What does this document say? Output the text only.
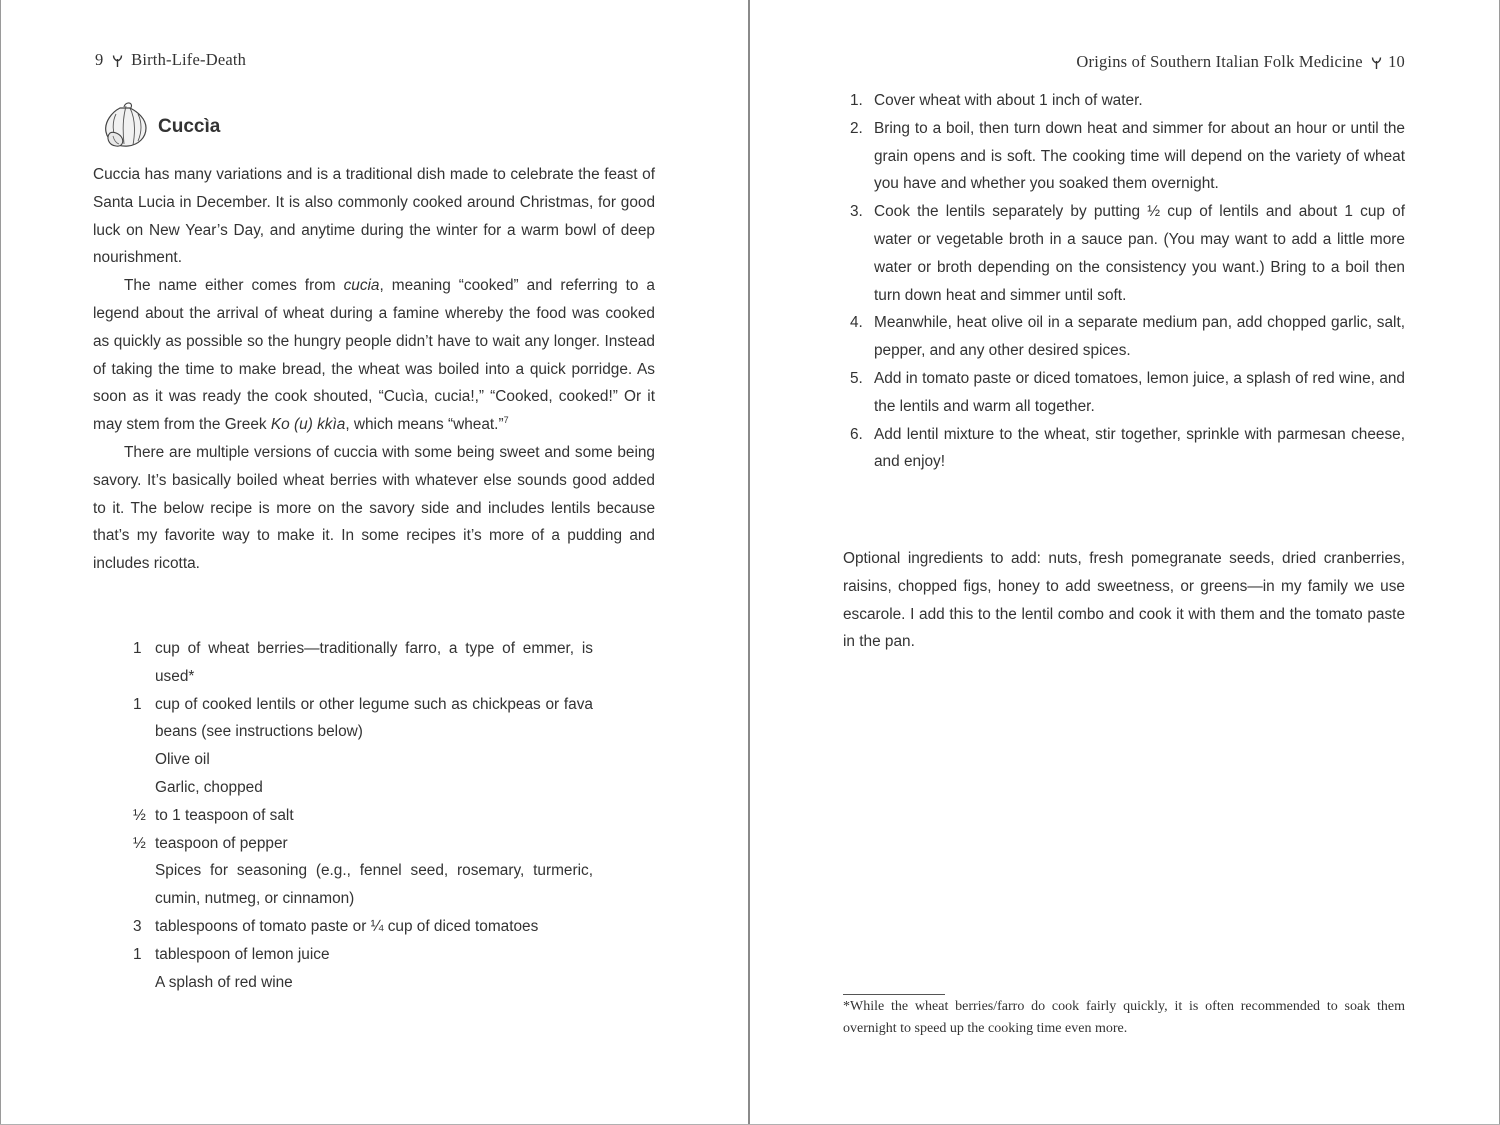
9 Birth-Life-Death
Cuccìa

Cuccia has many variations and is a traditional dish made to celebrate the feast of Santa Lucia in December. It is also commonly cooked around Christmas, for good luck on New Year’s Day, and anytime during the winter for a warm bowl of deep nourishment.

The name either comes from cucia, meaning “cooked” and referring to a legend about the arrival of wheat during a famine whereby the food was cooked as quickly as possible so the hungry people didn’t have to wait any longer. Instead of taking the time to make bread, the wheat was boiled into a quick porridge. As soon as it was ready the cook shouted, “Cucìa, cucia!,” “Cooked, cooked!” Or it may stem from the Greek Ko (u) kkìa, which means “wheat.”$^7$

There are multiple versions of cuccia with some being sweet and some being savory. It’s basically boiled wheat berries with whatever else sounds good added to it. The below recipe is more on the savory side and includes lentils because that’s my favorite way to make it. In some recipes it’s more of a pudding and includes ricotta.

1 cup of wheat berries—traditionally farro, a type of emmer, is used*
1 cup of cooked lentils or other legume such as chickpeas or fava beans (see instructions below)
Olive oil
Garlic, chopped
½ to 1 teaspoon of salt
½ teaspoon of pepper
Spices for seasoning (e.g., fennel seed, rosemary, turmeric, cumin, nutmeg, or cinnamon)
3 tablespoons of tomato paste or ¼ cup of diced tomatoes
1 tablespoon of lemon juice
A splash of red wine
Origins of Southern Italian Folk Medicine 10
1. Cover wheat with about 1 inch of water.
2. Bring to a boil, then turn down heat and simmer for about an hour or until the grain opens and is soft. The cooking time will depend on the variety of wheat you have and whether you soaked them overnight.
3. Cook the lentils separately by putting ½ cup of lentils and about 1 cup of water or vegetable broth in a sauce pan. (You may want to add a little more water or broth depending on the consistency you want.) Bring to a boil then turn down heat and simmer until soft.
4. Meanwhile, heat olive oil in a separate medium pan, add chopped garlic, salt, pepper, and any other desired spices.
5. Add in tomato paste or diced tomatoes, lemon juice, a splash of red wine, and the lentils and warm all together.
6. Add lentil mixture to the wheat, stir together, sprinkle with parmesan cheese, and enjoy!
Optional ingredients to add: nuts, fresh pomegranate seeds, dried cranberries, raisins, chopped figs, honey to add sweetness, or greens—in my family we use escarole. I add this to the lentil combo and cook it with them and the tomato paste in the pan.
*While the wheat berries/farro do cook fairly quickly, it is often recommended to soak them overnight to speed up the cooking time even more.
